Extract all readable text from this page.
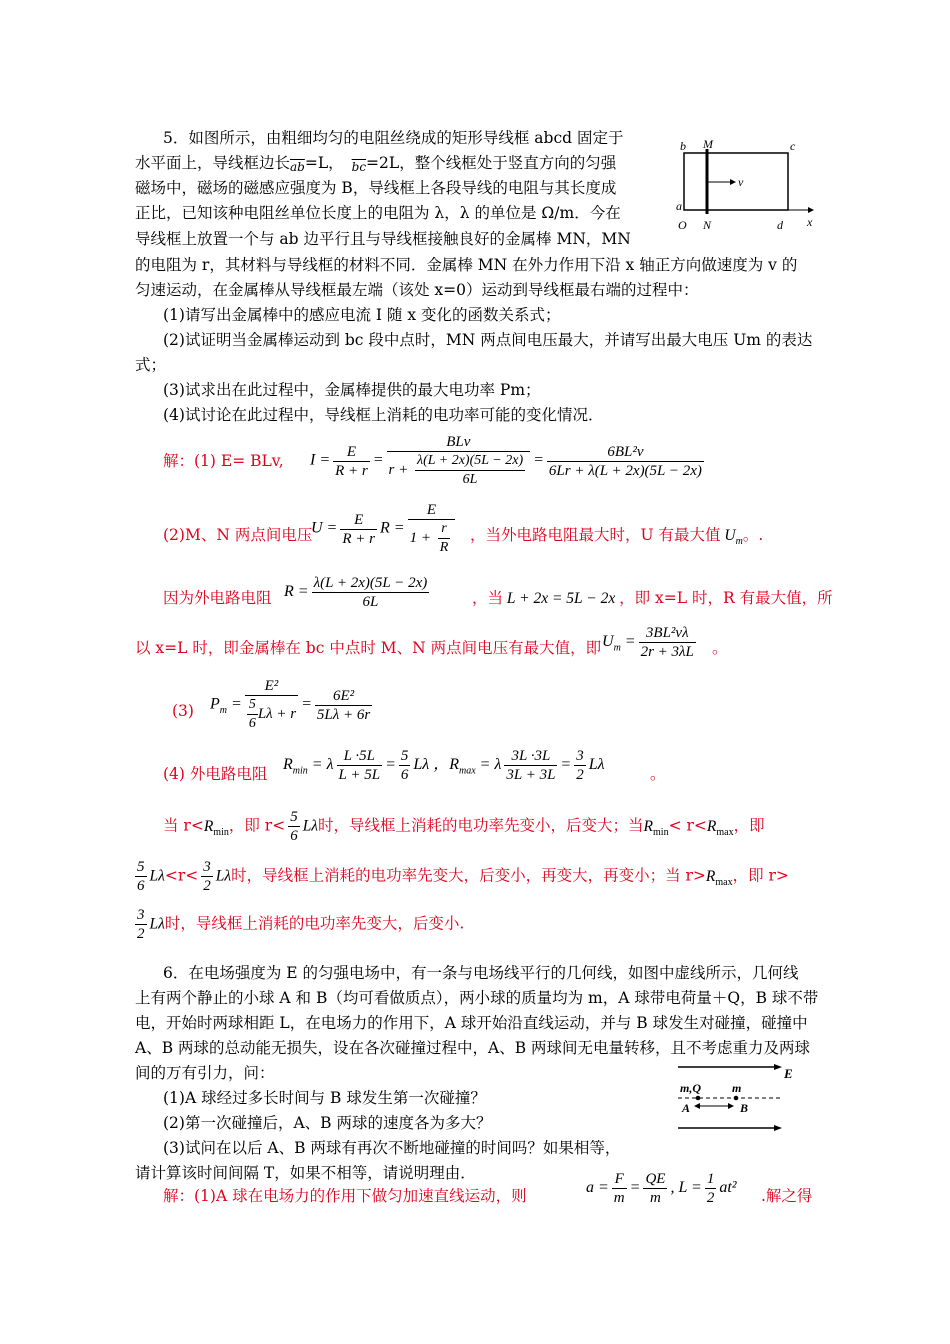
5．如图所示，由粗细均匀的电阻丝绕成的矩形导线框 abcd 固定于
水平面上，导线框边长$\overline{ab}=L$， $\overline{bc}=2L$，整个线框处于竖直方向的匀强
磁场中，磁场的磁感应强度为 B，导线框上各段导线的电阻与其长度成
正比，已知该种电阻丝单位长度上的电阻为 λ，λ 的单位是 Ω/m．今在
导线框上放置一个与 ab 边平行且与导线框接触良好的金属棒 MN，MN
的电阻为 r，其材料与导线框的材料不同．金属棒 MN 在外力作用下沿 x 轴正方向做速度为 v 的
匀速运动，在金属棒从导线框最左端（该处 x=0）运动到导线框最右端的过程中：
(1)请写出金属棒中的感应电流 I 随 x 变化的函数关系式；
(2)试证明当金属棒运动到 bc 段中点时，MN 两点间电压最大，并请写出最大电压 Um 的表达
式；
(3)试求出在此过程中，金属棒提供的最大电功率 Pm；
(4)试讨论在此过程中，导线框上消耗的电功率可能的变化情况．
b M	c
v
a
O N	d x
解：(1) E= BLv, $I = \frac{E}{R + r} = \frac{\text{BLv}}{r + \frac{\lambda(L + 2x)(5L - 2x)}{6L}} = \frac{\text{6BL²v}}{6Lr + \lambda(L + 2x)(5L - 2x)}$
(2)M、N 两点间电压
$U = \frac{E}{R + r}$ $R = \frac{E}{1 + \frac{r}{R}}$ ，当外电路电阻最大时，U 有最大值 $U_m$。.
因为外电路电阻 $R = \frac{\lambda(L + 2x)(5L - 2x)}{6L}$	，当 L + 2x = 5L − 2x ，即 x=L 时，R 有最大值，所
以 x=L 时，即金属棒在 bc 中点时 M、N 两点间电压有最大值，即 $U_m = \frac{\text{3BL²vλ}}{2r + 3\lambda L}$ 。
(3) $P_m = \frac{\text{E²}}{\frac{5}{6} L\lambda + r} = \frac{\text{6E²}}{5L\lambda + 6r}$
(4) 外电路电阻
$R_{min} = \lambda \frac{L \cdot 5L}{L + 5L} = \frac{5}{6}$ Lλ ，$R_{max} = \lambda \frac{3L \cdot 3L}{3L + 3L} = \frac{3}{2}$ Lλ
。
当 $r<R_{min}$，即 $r< \frac{5}{6}$ Lλ时，导线框上消耗的电功率先变小，后变大；当$R_{min}< r<R_{max}$，即
$\frac{5}{6} L\lambda<r< \frac{3}{2}$ Lλ时，导线框上消耗的电功率先变大，后变小，再变大，再变小；当 $r>R_{max}$，即 r>
$\frac{3}{2}$ Lλ时，导线框上消耗的电功率先变大，后变小.
6．在电场强度为 E 的匀强电场中，有一条与电场线平行的几何线，如图中虚线所示，几何线
上有两个静止的小球 A 和 B（均可看做质点），两小球的质量均为 m，A 球带电荷量＋Q，B 球不带
电，开始时两球相距 L，在电场力的作用下，A 球开始沿直线运动，并与 B 球发生对碰撞，碰撞中
A、B 两球的总动能无损失，设在各次碰撞过程中，A、B 两球间无电量转移，且不考虑重力及两球
间的万有引力，问：
(1)A 球经过多长时间与 B 球发生第一次碰撞？
(2)第一次碰撞后，A、B 两球的速度各为多大？
(3)试问在以后 A、B 两球有再次不断地碰撞的时间吗？如果相等，
请计算该时间间隔 T，如果不相等，请说明理由．
E
m,Q	m
A	B
解：(1)A 球在电场力的作用下做匀加速直线运动，则	$a = \frac{F}{m} = \frac{QE}{m}$ , $L = \frac{1}{2} at^2$ .解之得
